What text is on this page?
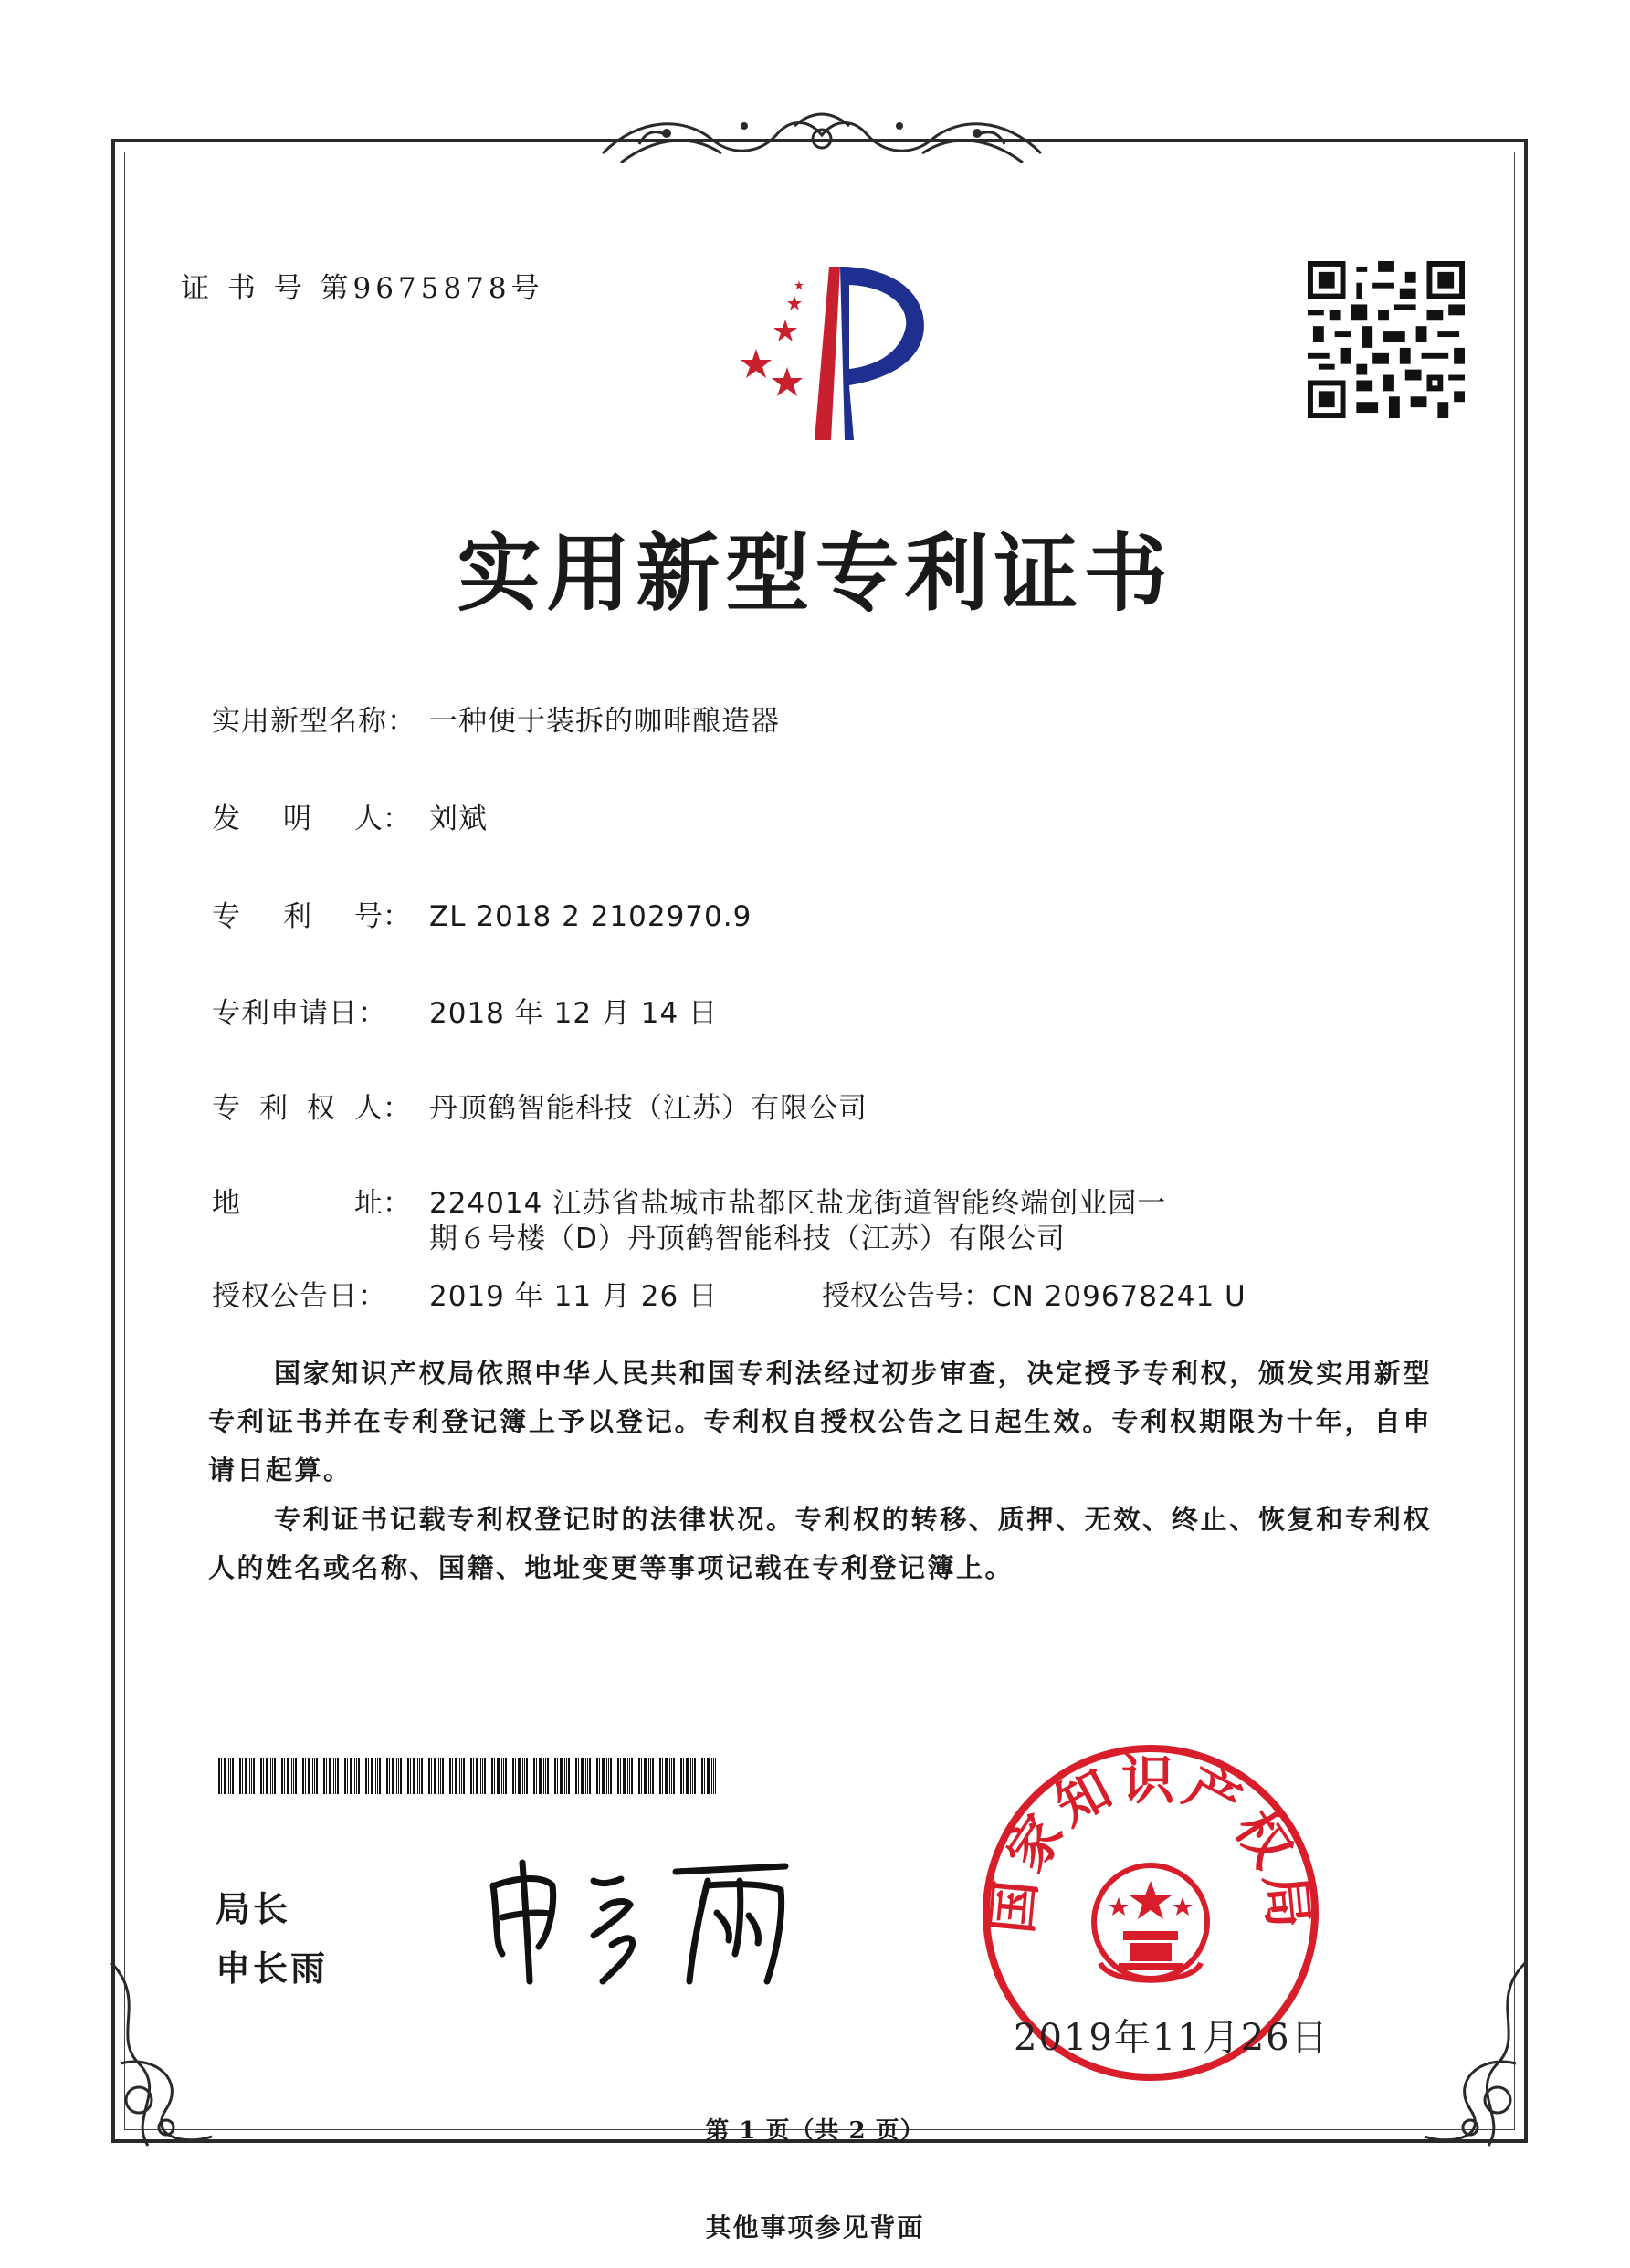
证 书 号 第9675878号
实用新型专利证书
实用新型名称： 一种便于装拆的咖啡酿造器
发 明 人： 刘斌
专 利 号： ZL 2018 2 2102970.9
专利申请日： 2018 年 12 月 14 日
专 利 权 人： 丹顶鹤智能科技（江苏）有限公司
地	址： 224014 江苏省盐城市盐都区盐龙街道智能终端创业园一
期６号楼（D）丹顶鹤智能科技（江苏）有限公司
授权公告日： 2019 年 11 月 26 日	授权公告号：CN 209678241 U
国家知识产权局依照中华人民共和国专利法经过初步审查，决定授予专利权，颁发实用新型专利证书并在专利登记簿上予以登记。专利权自授权公告之日起生效。专利权期限为十年，自申请日起算。
专利证书记载专利权登记时的法律状况。专利权的转移、质押、无效、终止、恢复和专利权人的姓名或名称、国籍、地址变更等事项记载在专利登记簿上。
局长
申长雨
国家知识产权局
2019年11月26日
第 1 页（共 2 页）
其他事项参见背面
